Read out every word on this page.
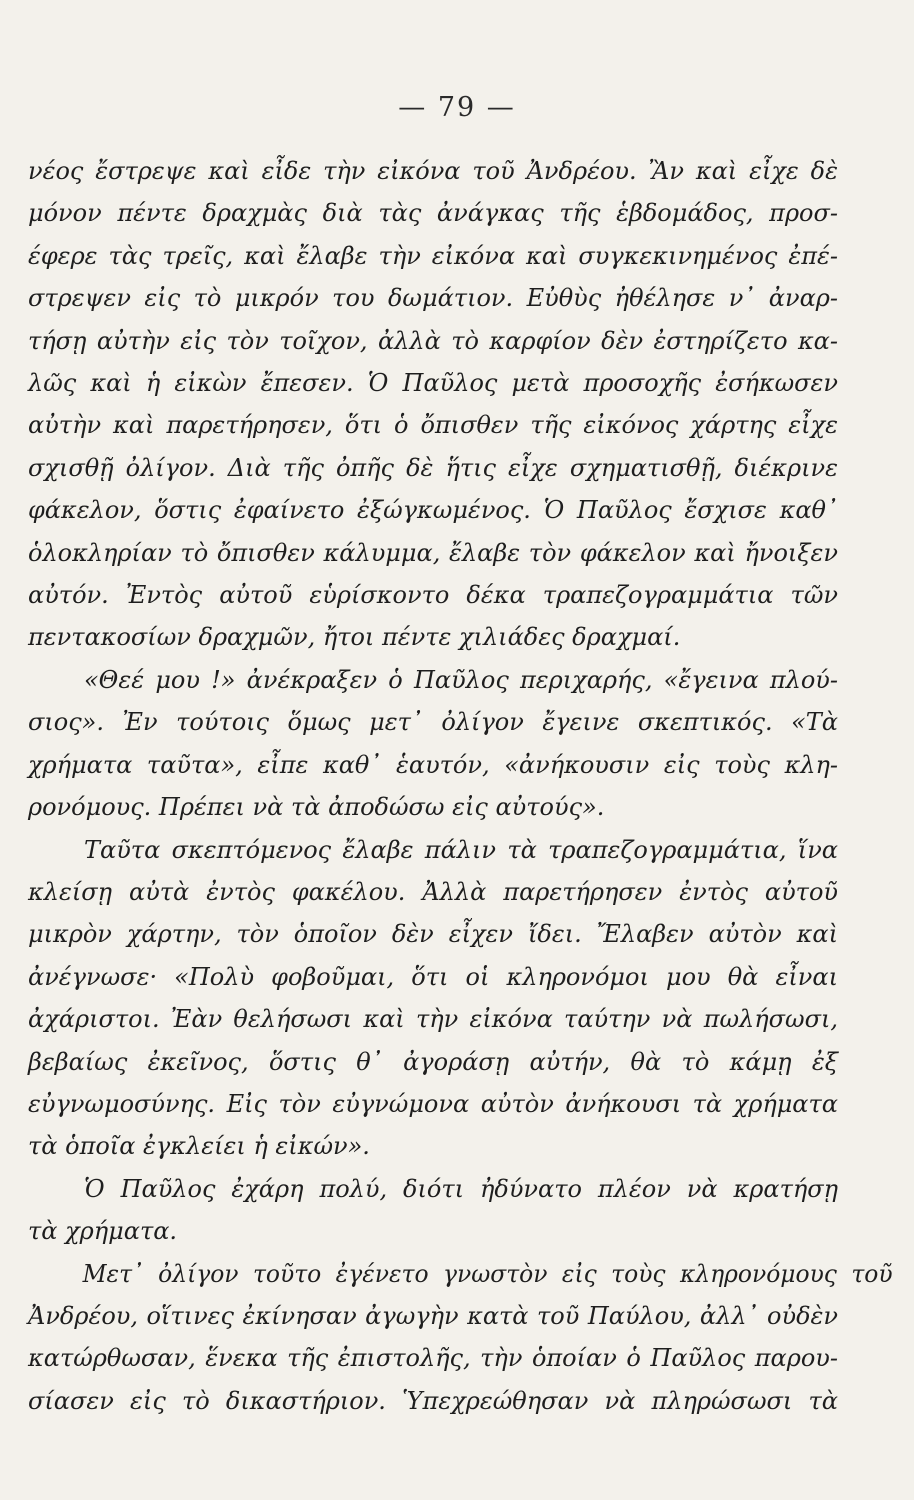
— 79 —
νέος ἔστρεψε καὶ εἶδε τὴν εἰκόνα τοῦ Ἀνδρέου. Ἂν καὶ εἶχε δὲ
μόνον πέντε δραχμὰς διὰ τὰς ἀνάγκας τῆς ἑβδομάδος, προσ-
έφερε τὰς τρεῖς, καὶ ἔλαβε τὴν εἰκόνα καὶ συγκεκινημένος ἐπέ-
στρεψεν εἰς τὸ μικρόν του δωμάτιον. Εὐθὺς ἠθέλησε ν᾿ ἀναρ-
τήσῃ αὐτὴν εἰς τὸν τοῖχον, ἀλλὰ τὸ καρφίον δὲν ἐστηρίζετο κα-
λῶς καὶ ἡ εἰκὼν ἔπεσεν. Ὁ Παῦλος μετὰ προσοχῆς ἐσήκωσεν
αὐτὴν καὶ παρετήρησεν, ὅτι ὁ ὄπισθεν τῆς εἰκόνος χάρτης εἶχε
σχισθῇ ὀλίγον. Διὰ τῆς ὀπῆς δὲ ἥτις εἶχε σχηματισθῇ, διέκρινε
φάκελον, ὅστις ἐφαίνετο ἐξώγκωμένος. Ὁ Παῦλος ἔσχισε καθ᾿
ὁλοκληρίαν τὸ ὄπισθεν κάλυμμα, ἔλαβε τὸν φάκελον καὶ ἤνοιξεν
αὐτόν. Ἐντὸς αὐτοῦ εὑρίσκοντο δέκα τραπεζογραμμάτια τῶν
πεντακοσίων δραχμῶν, ἤτοι πέντε χιλιάδες δραχμαί.
«Θεέ μου !» ἀνέκραξεν ὁ Παῦλος περιχαρής, «ἔγεινα πλού-
σιος». Ἐν τούτοις ὅμως μετ᾿ ὀλίγον ἔγεινε σκεπτικός. «Τὰ
χρήματα ταῦτα», εἶπε καθ᾿ ἑαυτόν, «ἀνήκουσιν εἰς τοὺς κλη-
ρονόμους. Πρέπει νὰ τὰ ἀποδώσω εἰς αὐτούς».
Ταῦτα σκεπτόμενος ἔλαβε πάλιν τὰ τραπεζογραμμάτια, ἵνα
κλείσῃ αὐτὰ ἐντὸς φακέλου. Ἀλλὰ παρετήρησεν ἐντὸς αὐτοῦ
μικρὸν χάρτην, τὸν ὁποῖον δὲν εἶχεν ἴδει. Ἔλαβεν αὐτὸν καὶ
ἀνέγνωσε· «Πολὺ φοβοῦμαι, ὅτι οἱ κληρονόμοι μου θὰ εἶναι
ἀχάριστοι. Ἐὰν θελήσωσι καὶ τὴν εἰκόνα ταύτην νὰ πωλήσωσι,
βεβαίως ἐκεῖνος, ὅστις θ᾿ ἀγοράσῃ αὐτήν, θὰ τὸ κάμῃ ἐξ
εὐγνωμοσύνης. Εἰς τὸν εὐγνώμονα αὐτὸν ἀνήκουσι τὰ χρήματα
τὰ ὁποῖα ἐγκλείει ἡ εἰκών».
Ὁ Παῦλος ἐχάρη πολύ, διότι ἠδύνατο πλέον νὰ κρατήσῃ
τὰ χρήματα.
Μετ᾿ ὀλίγον τοῦτο ἐγένετο γνωστὸν εἰς τοὺς κληρονόμους τοῦ
Ἀνδρέου, οἵτινες ἐκίνησαν ἀγωγὴν κατὰ τοῦ Παύλου, ἀλλ᾿ οὐδὲν
κατώρθωσαν, ἕνεκα τῆς ἐπιστολῆς, τὴν ὁποίαν ὁ Παῦλος παρου-
σίασεν εἰς τὸ δικαστήριον. Ὑπεχρεώθησαν νὰ πληρώσωσι τὰ
